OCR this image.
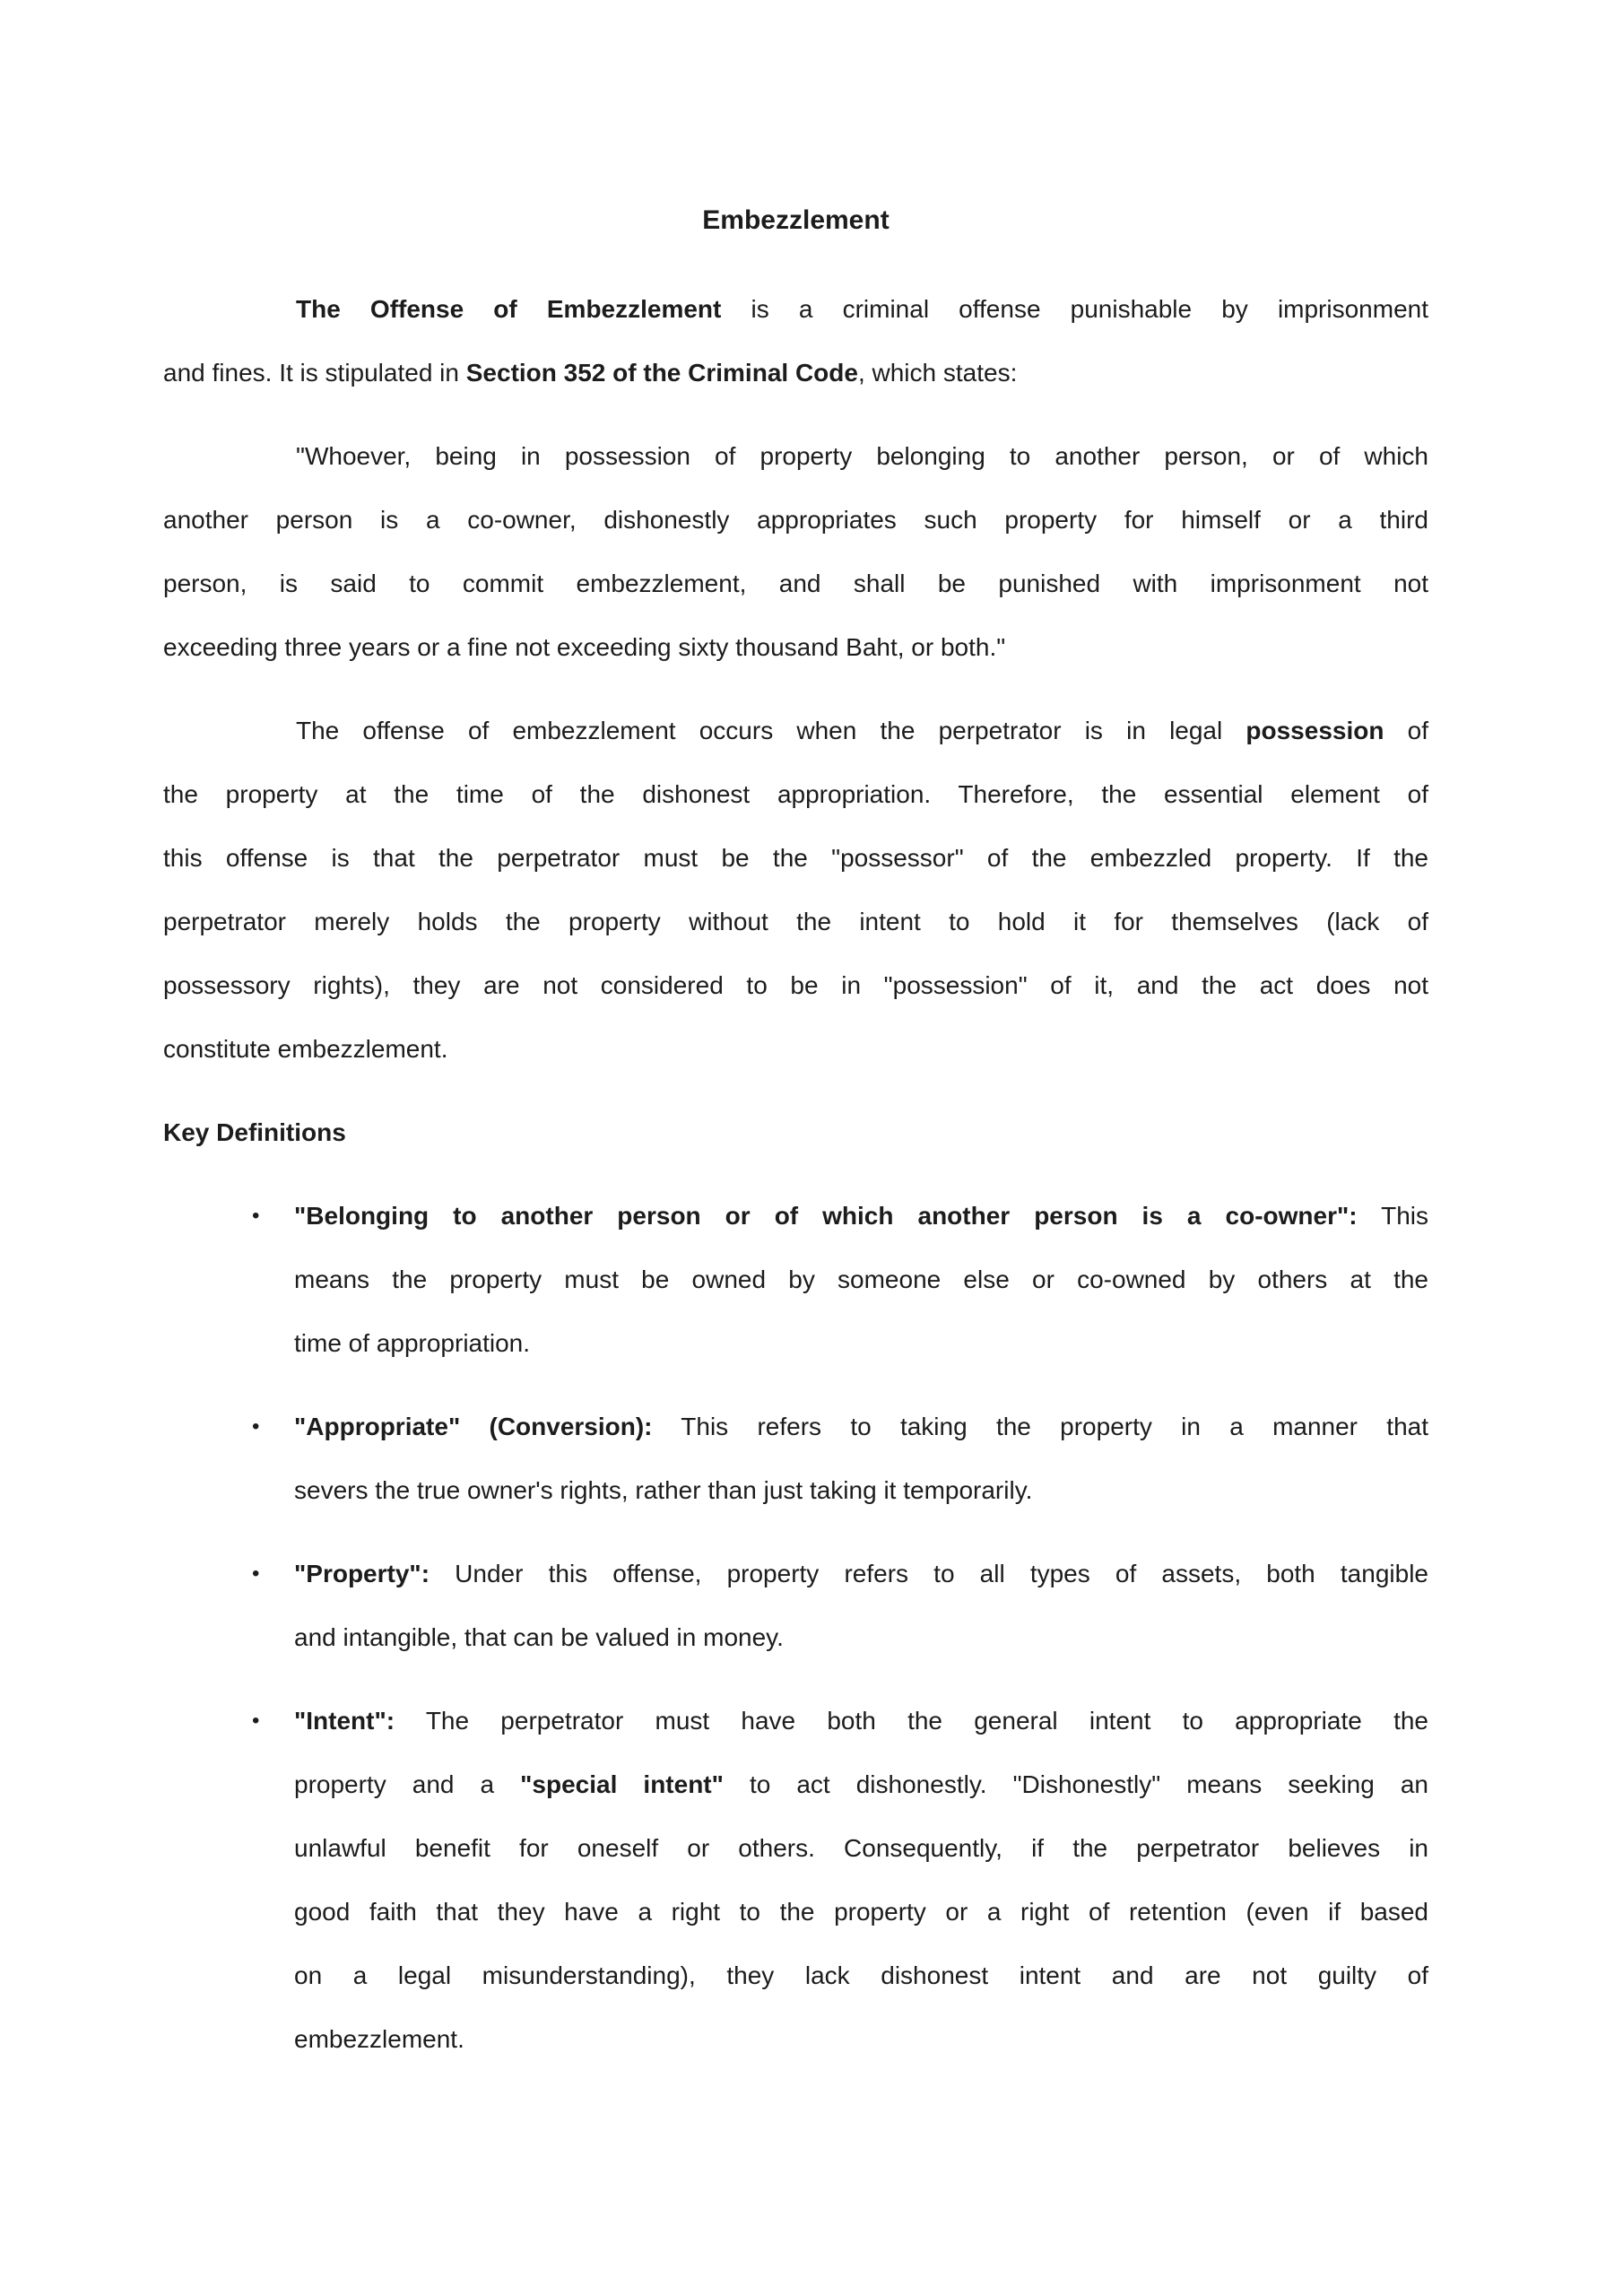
Embezzlement
The Offense of Embezzlement is a criminal offense punishable by imprisonment
and fines. It is stipulated in Section 352 of the Criminal Code, which states:
"Whoever, being in possession of property belonging to another person, or of which
another person is a co-owner, dishonestly appropriates such property for himself or a third
person, is said to commit embezzlement, and shall be punished with imprisonment not
exceeding three years or a fine not exceeding sixty thousand Baht, or both."
The offense of embezzlement occurs when the perpetrator is in legal possession of
the property at the time of the dishonest appropriation. Therefore, the essential element of
this offense is that the perpetrator must be the "possessor" of the embezzled property. If the
perpetrator merely holds the property without the intent to hold it for themselves (lack of
possessory rights), they are not considered to be in "possession" of it, and the act does not
constitute embezzlement.
Key Definitions
•	"Belonging to another person or of which another person is a co-owner": This
means the property must be owned by someone else or co-owned by others at the
time of appropriation.
•	"Appropriate" (Conversion): This refers to taking the property in a manner that
severs the true owner's rights, rather than just taking it temporarily.
•	"Property": Under this offense, property refers to all types of assets, both tangible
and intangible, that can be valued in money.
•	"Intent": The perpetrator must have both the general intent to appropriate the
property and a "special intent" to act dishonestly. "Dishonestly" means seeking an
unlawful benefit for oneself or others. Consequently, if the perpetrator believes in
good faith that they have a right to the property or a right of retention (even if based
on a legal misunderstanding), they lack dishonest intent and are not guilty of
embezzlement.
